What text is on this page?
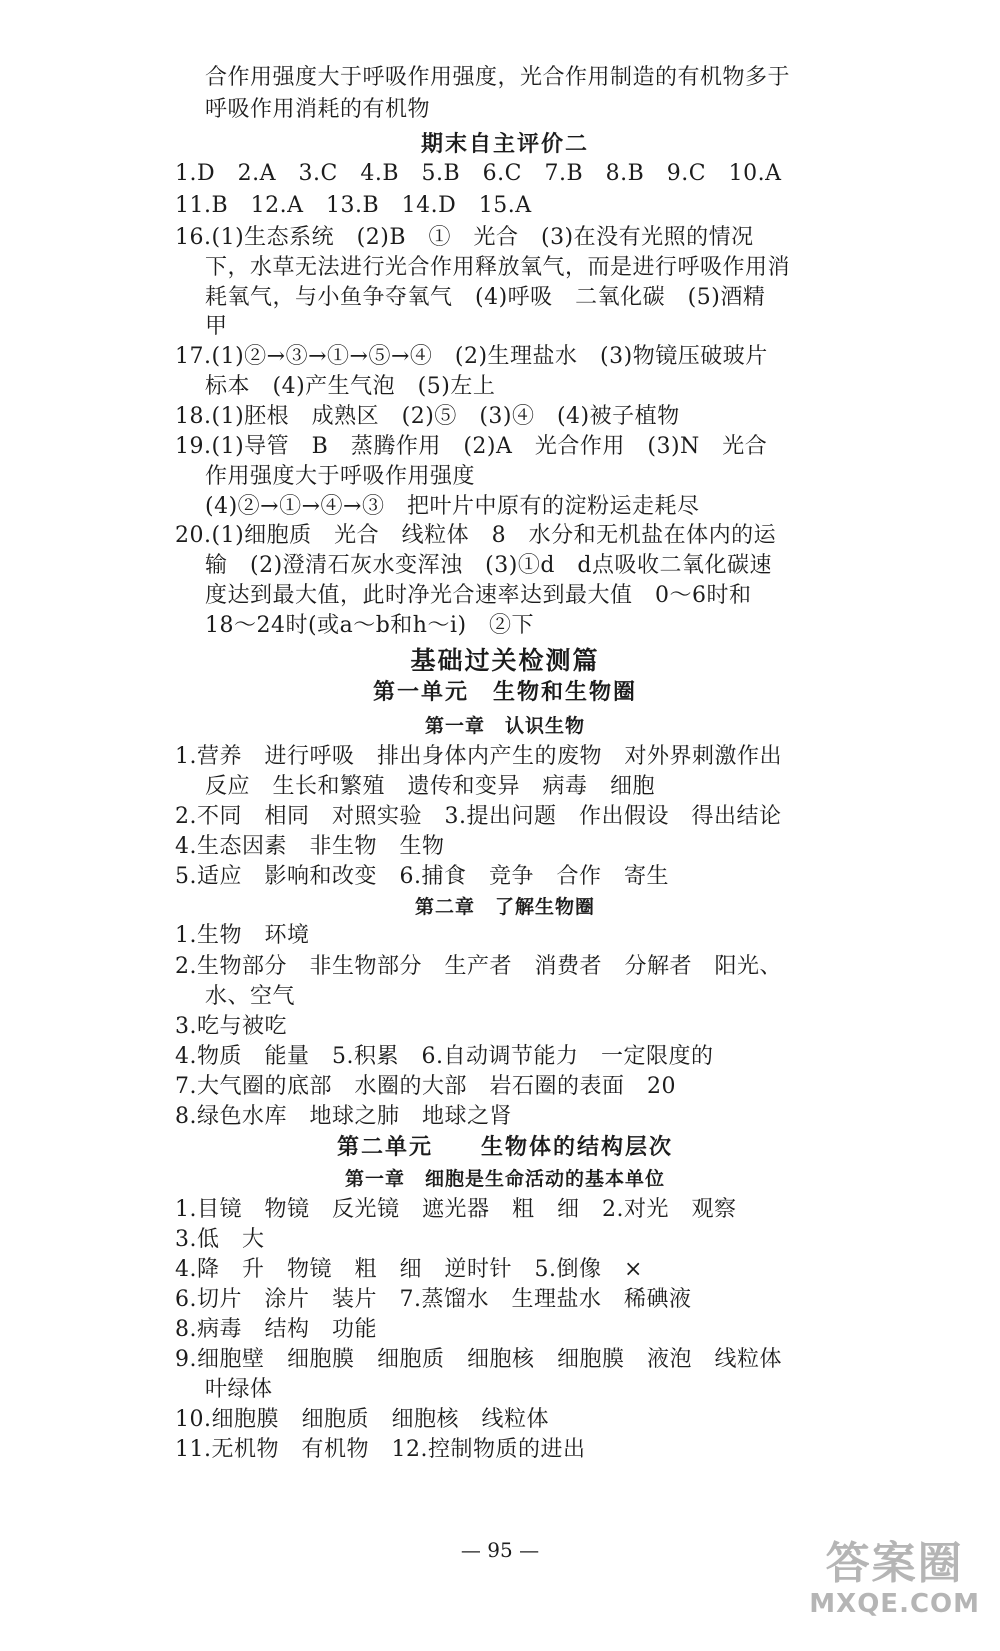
合作用强度大于呼吸作用强度，光合作用制造的有机物多于
呼吸作用消耗的有机物
期末自主评价二
1.D　2.A　3.C　4.B　5.B　6.C　7.B　8.B　9.C　10.A
11.B　12.A　13.B　14.D　15.A
16.(1)生态系统　(2)B　①　光合　(3)在没有光照的情况
下，水草无法进行光合作用释放氧气，而是进行呼吸作用消
耗氧气，与小鱼争夺氧气　(4)呼吸　二氧化碳　(5)酒精
甲
17.(1)②→③→①→⑤→④　(2)生理盐水　(3)物镜压破玻片
标本　(4)产生气泡　(5)左上
18.(1)胚根　成熟区　(2)⑤　(3)④　(4)被子植物
19.(1)导管　B　蒸腾作用　(2)A　光合作用　(3)N　光合
作用强度大于呼吸作用强度
(4)②→①→④→③　把叶片中原有的淀粉运走耗尽
20.(1)细胞质　光合　线粒体　8　水分和无机盐在体内的运
输　(2)澄清石灰水变浑浊　(3)①d　d点吸收二氧化碳速
度达到最大值，此时净光合速率达到最大值　0～6时和
18～24时(或a～b和h～i)　②下
基础过关检测篇
第一单元　生物和生物圈
第一章　认识生物
1.营养　进行呼吸　排出身体内产生的废物　对外界刺激作出
反应　生长和繁殖　遗传和变异　病毒　细胞
2.不同　相同　对照实验　3.提出问题　作出假设　得出结论
4.生态因素　非生物　生物
5.适应　影响和改变　6.捕食　竞争　合作　寄生
第二章　了解生物圈
1.生物　环境
2.生物部分　非生物部分　生产者　消费者　分解者　阳光、
水、空气
3.吃与被吃
4.物质　能量　5.积累　6.自动调节能力　一定限度的
7.大气圈的底部　水圈的大部　岩石圈的表面　20
8.绿色水库　地球之肺　地球之肾
第二单元　　生物体的结构层次
第一章　细胞是生命活动的基本单位
1.目镜　物镜　反光镜　遮光器　粗　细　2.对光　观察
3.低　大
4.降　升　物镜　粗　细　逆时针　5.倒像　×
6.切片　涂片　装片　7.蒸馏水　生理盐水　稀碘液
8.病毒　结构　功能
9.细胞壁　细胞膜　细胞质　细胞核　细胞膜　液泡　线粒体
叶绿体
10.细胞膜　细胞质　细胞核　线粒体
11.无机物　有机物　12.控制物质的进出
— 95 —	答案圈
MXQE.COM
